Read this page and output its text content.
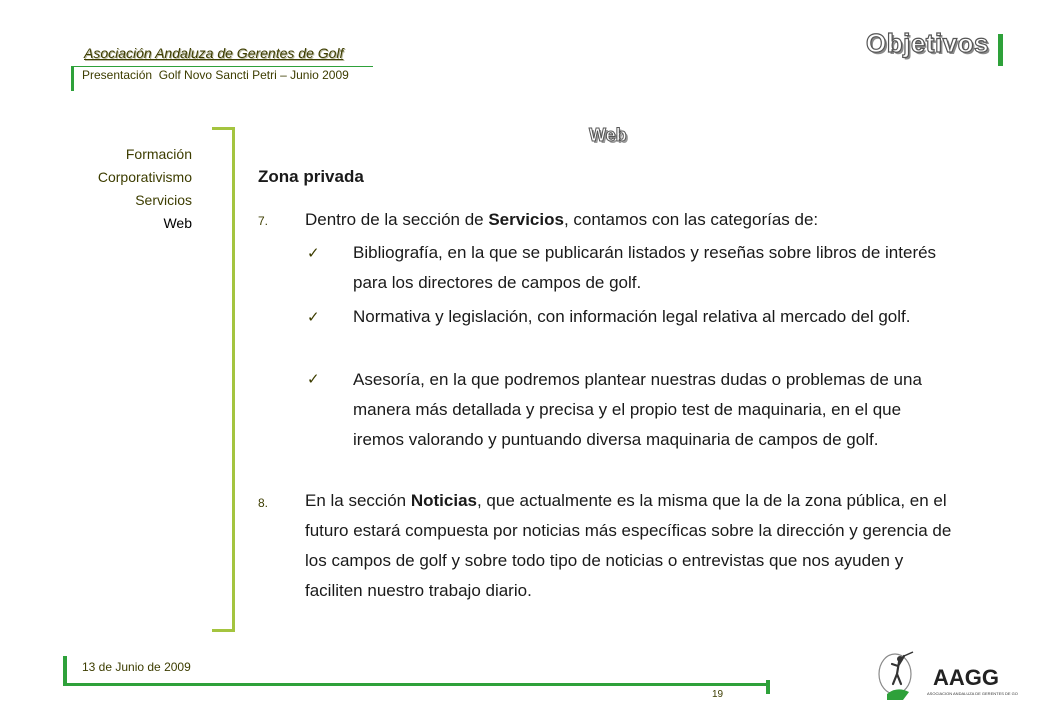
Asociación Andaluza de Gerentes de Golf
Presentación  Golf Novo Sancti Petri – Junio 2009
Objetivos
Formación
Corporativismo
Servicios
Web
Web
Zona privada
7. Dentro de la sección de Servicios, contamos con las categorías de:
✓ Bibliografía, en la que se publicarán listados y reseñas sobre libros de interés para los directores de campos de golf.
✓ Normativa y legislación, con información legal relativa al mercado del golf.
✓ Asesoría, en la que podremos plantear nuestras dudas o problemas de una manera más detallada y precisa y el propio test de maquinaria, en el que iremos valorando y puntuando diversa maquinaria de campos de golf.
8. En la sección Noticias, que actualmente es la misma que la de la zona pública, en el futuro estará compuesta por noticias más específicas sobre la dirección y gerencia de los campos de golf y sobre todo tipo de noticias o entrevistas que nos ayuden y faciliten nuestro trabajo diario.
13 de Junio de 2009
19
AAGG
ASOCIACION ANDALUZA DE GERENTES DE GOLF
